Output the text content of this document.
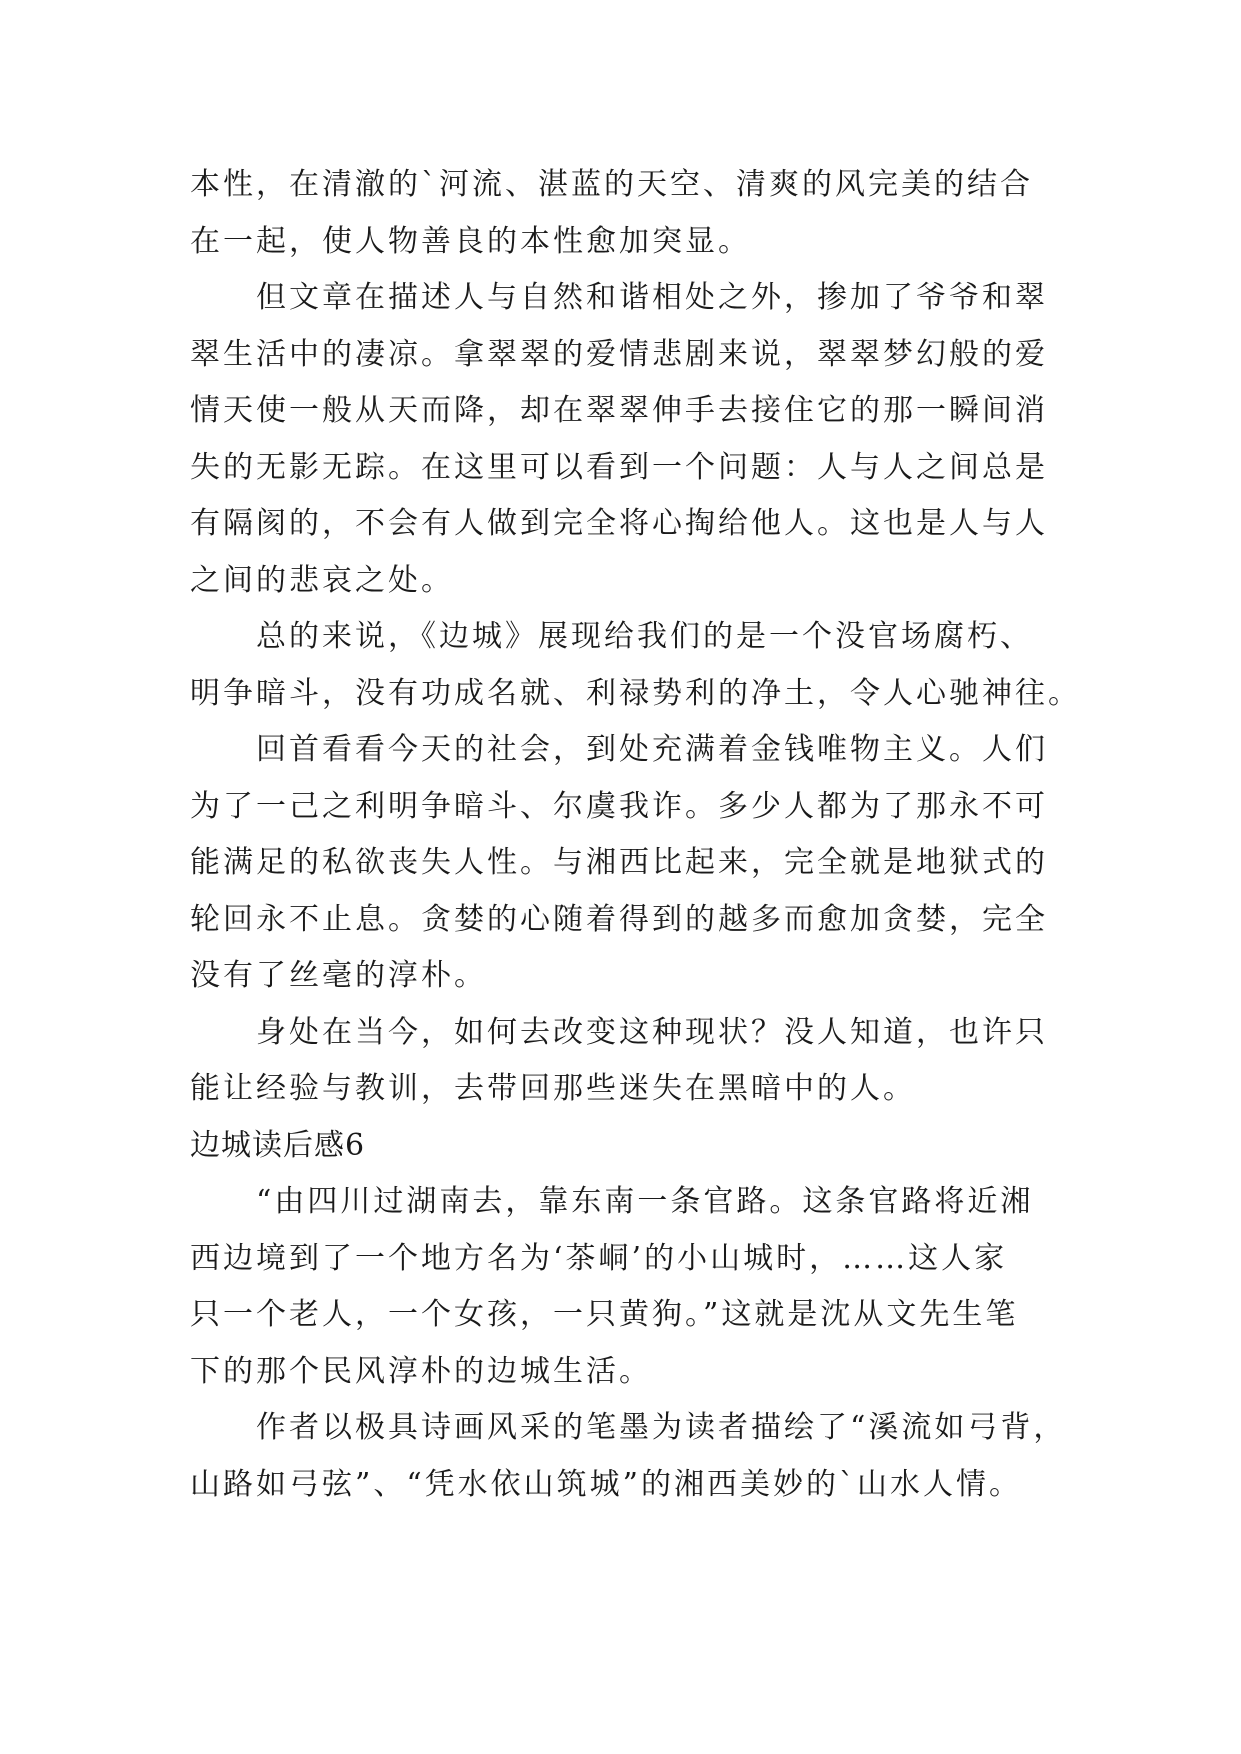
本性，在清澈的`河流、湛蓝的天空、清爽的风完美的结合
在一起，使人物善良的本性愈加突显。
　　但文章在描述人与自然和谐相处之外，掺加了爷爷和翠
翠生活中的凄凉。拿翠翠的爱情悲剧来说，翠翠梦幻般的爱
情天使一般从天而降，却在翠翠伸手去接住它的那一瞬间消
失的无影无踪。在这里可以看到一个问题：人与人之间总是
有隔阂的，不会有人做到完全将心掏给他人。这也是人与人
之间的悲哀之处。
　　总的来说，《边城》展现给我们的是一个没官场腐朽、
明争暗斗，没有功成名就、利禄势利的净土，令人心驰神往。
　　回首看看今天的社会，到处充满着金钱唯物主义。人们
为了一己之利明争暗斗、尔虞我诈。多少人都为了那永不可
能满足的私欲丧失人性。与湘西比起来，完全就是地狱式的
轮回永不止息。贪婪的心随着得到的越多而愈加贪婪，完全
没有了丝毫的淳朴。
　　身处在当今，如何去改变这种现状？没人知道，也许只
能让经验与教训，去带回那些迷失在黑暗中的人。
边城读后感6
　　“由四川过湖南去，靠东南一条官路。这条官路将近湘
西边境到了一个地方名为‘茶峒’的小山城时，……这人家
只一个老人，一个女孩，一只黄狗。”这就是沈从文先生笔
下的那个民风淳朴的边城生活。
　　作者以极具诗画风采的笔墨为读者描绘了“溪流如弓背，
山路如弓弦”、“凭水依山筑城”的湘西美妙的`山水人情。
